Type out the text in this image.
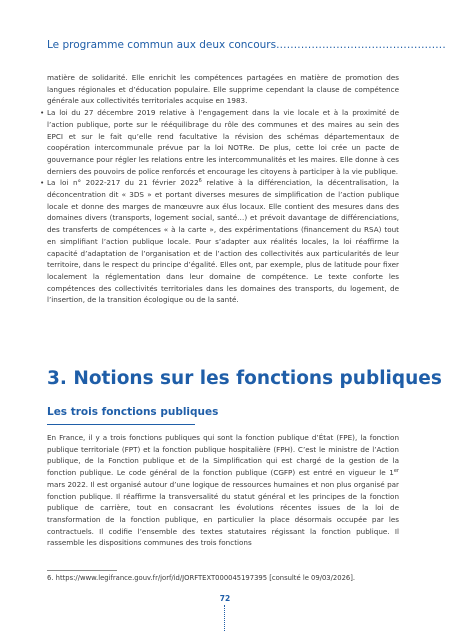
Le programme commun aux deux concours................................................

matière de solidarité. Elle enrichit les compétences partagées en matière de promotion des langues régionales et d’éducation populaire. Elle supprime cependant la clause de compétence générale aux collectivités territoriales acquise en 1983.

• La loi du 27 décembre 2019 relative à l’engagement dans la vie locale et à la proximité de l’action publique, porte sur le rééquilibrage du rôle des communes et des maires au sein des EPCI et sur le fait qu’elle rend facultative la révision des schémas départementaux de coopération intercommunale prévue par la loi NOTRe. De plus, cette loi crée un pacte de gouvernance pour régler les relations entre les intercommunalités et les maires. Elle donne à ces derniers des pouvoirs de police renforcés et encourage les citoyens à participer à la vie publique.
• La loi n° 2022-217 du 21 février 2022$^6$ relative à la différenciation, la décentralisation, la déconcentration dit « 3DS » et portant diverses mesures de simplification de l’action publique locale et donne des marges de manœuvre aux élus locaux. Elle contient des mesures dans des domaines divers (transports, logement social, santé…) et prévoit davantage de différenciations, des transferts de compétences « à la carte », des expérimentations (financement du RSA) tout en simplifiant l’action publique locale. Pour s’adapter aux réalités locales, la loi réaffirme la capacité d’adaptation de l’organisation et de l’action des collectivités aux particularités de leur territoire, dans le respect du principe d’égalité. Elles ont, par exemple, plus de latitude pour fixer localement la réglementation dans leur domaine de compétence. Le texte conforte les compétences des collectivités territoriales dans les domaines des transports, du logement, de l’insertion, de la transition écologique ou de la santé.
3. Notions sur les fonctions publiques
Les trois fonctions publiques
En France, il y a trois fonctions publiques qui sont la fonction publique d’État (FPE), la fonction publique territoriale (FPT) et la fonction publique hospitalière (FPH). C’est le ministre de l’Action publique, de la Fonction publique et de la Simplification qui est chargé de la gestion de la fonction publique. Le code général de la fonction publique (CGFP) est entré en vigueur le 1er mars 2022. Il est organisé autour d’une logique de ressources humaines et non plus organisé par fonction publique. Il réaffirme la transversalité du statut général et les principes de la fonction publique de carrière, tout en consacrant les évolutions récentes issues de la loi de transformation de la fonction publique, en particulier la place désormais occupée par les contractuels. Il codifie l’ensemble des textes statutaires régissant la fonction publique. Il rassemble les dispositions communes des trois fonctions
6. https://www.legifrance.gouv.fr/jorf/id/JORFTEXT000045197395 [consulté le 09/03/2026].
72
